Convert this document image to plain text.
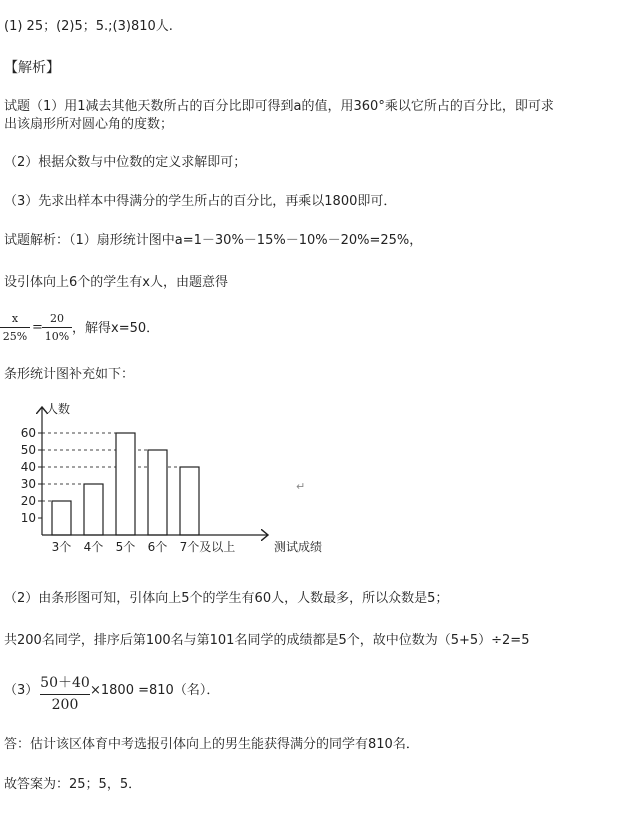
(1) 25；(2)5；5.;(3)810人.
【解析】
试题（1）用1减去其他天数所占的百分比即可得到a的值，用360°乘以它所占的百分比，即可求
出该扇形所对圆心角的度数；
（2）根据众数与中位数的定义求解即可；
（3）先求出样本中得满分的学生所占的百分比，再乘以1800即可．
试题解析：（1）扇形统计图中a=1－30%－15%－10%－20%=25%，
设引体向上6个的学生有x人，由题意得
x
25%
=
20
10%
，解得x=50．
条形统计图补充如下：
10
20
30
40
50
60
3个 4个 5个 6个 7个及以上
人数
测试成绩
↵
（2）由条形图可知，引体向上5个的学生有60人，人数最多，所以众数是5；
共200名同学，排序后第100名与第101名同学的成绩都是5个，故中位数为（5+5）÷2=5
（3） 50＋40
200
×1800 =810（名）．
答：估计该区体育中考选报引体向上的男生能获得满分的同学有810名．
故答案为：25；5，5．
